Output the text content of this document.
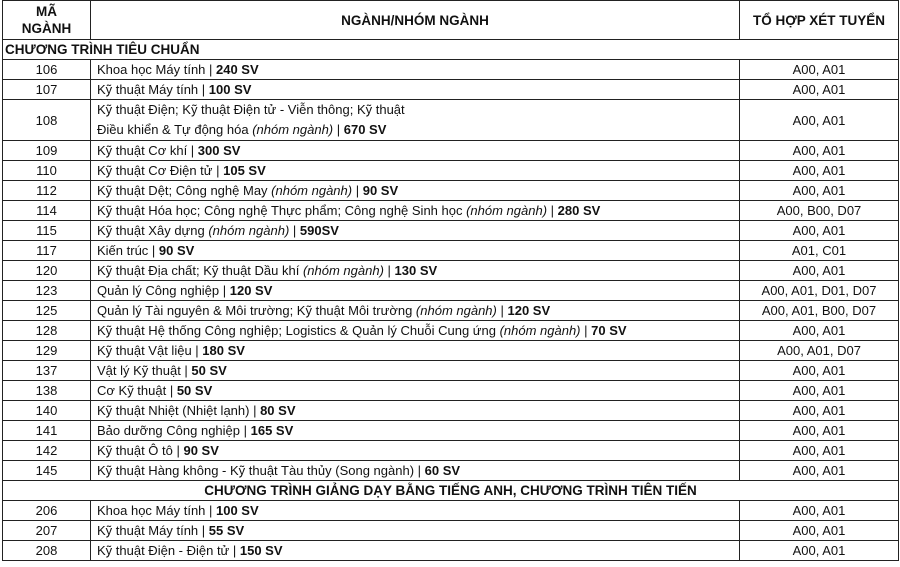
MÃ
NGÀNH	NGÀNH/NHÓM NGÀNH	TỔ HỢP XÉT TUYỂN
CHƯƠNG TRÌNH TIÊU CHUẨN		
106	Khoa học Máy tính | 240 SV	A00, A01
107	Kỹ thuật Máy tính | 100 SV	A00, A01
108	Kỹ thuật Điện; Kỹ thuật Điện tử - Viễn thông; Kỹ thuật
Điều khiển & Tự động hóa (nhóm ngành) | 670 SV	A00, A01
109	Kỹ thuật Cơ khí | 300 SV	A00, A01
110	Kỹ thuật Cơ Điện tử | 105 SV	A00, A01
112	Kỹ thuật Dệt; Công nghệ May (nhóm ngành) | 90 SV	A00, A01
114	Kỹ thuật Hóa học; Công nghệ Thực phẩm; Công nghệ Sinh học (nhóm ngành) | 280 SV	A00, B00, D07
115	Kỹ thuật Xây dựng (nhóm ngành) | 590SV	A00, A01
117	Kiến trúc | 90 SV	A01, C01
120	Kỹ thuật Địa chất; Kỹ thuật Dầu khí (nhóm ngành) | 130 SV	A00, A01
123	Quản lý Công nghiệp | 120 SV	A00, A01, D01, D07
125	Quản lý Tài nguyên & Môi trường; Kỹ thuật Môi trường (nhóm ngành) | 120 SV	A00, A01, B00, D07
128	Kỹ thuật Hệ thống Công nghiệp; Logistics & Quản lý Chuỗi Cung ứng (nhóm ngành) | 70 SV	A00, A01
129	Kỹ thuật Vật liệu | 180 SV	A00, A01, D07
137	Vật lý Kỹ thuật | 50 SV	A00, A01
138	Cơ Kỹ thuật | 50 SV	A00, A01
140	Kỹ thuật Nhiệt (Nhiệt lạnh) | 80 SV	A00, A01
141	Bảo dưỡng Công nghiệp | 165 SV	A00, A01
142	Kỹ thuật Ô tô | 90 SV	A00, A01
145	Kỹ thuật Hàng không - Kỹ thuật Tàu thủy (Song ngành) | 60 SV	A00, A01
CHƯƠNG TRÌNH GIẢNG DẠY BẰNG TIẾNG ANH, CHƯƠNG TRÌNH TIÊN TIẾN		
206	Khoa học Máy tính | 100 SV	A00, A01
207	Kỹ thuật Máy tính | 55 SV	A00, A01
208	Kỹ thuật Điện - Điện tử | 150 SV	A00, A01
